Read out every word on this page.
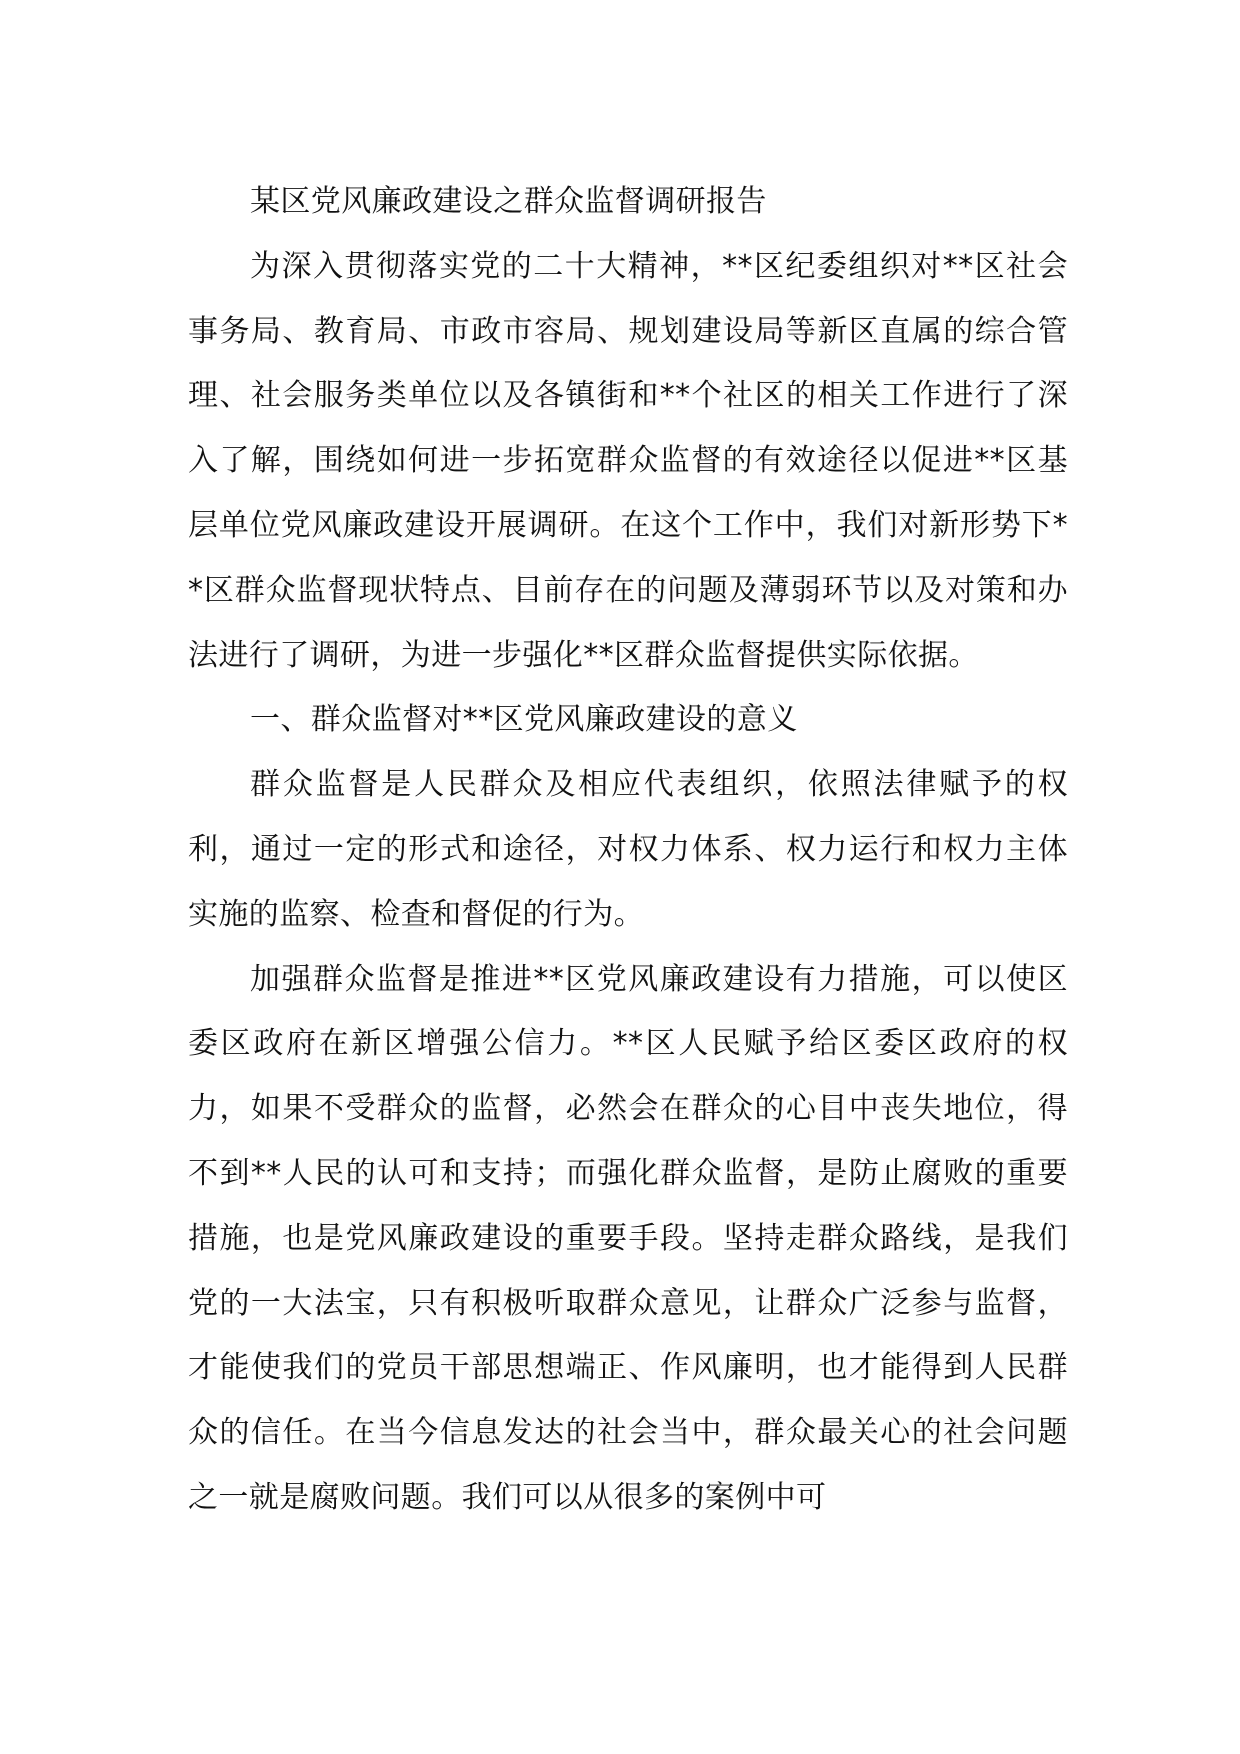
某区党风廉政建设之群众监督调研报告

为深入贯彻落实党的二十大精神，**区纪委组织对**区社会事务局、教育局、市政市容局、规划建设局等新区直属的综合管理、社会服务类单位以及各镇街和**个社区的相关工作进行了深入了解，围绕如何进一步拓宽群众监督的有效途径以促进**区基层单位党风廉政建设开展调研。在这个工作中，我们对新形势下**区群众监督现状特点、目前存在的问题及薄弱环节以及对策和办法进行了调研，为进一步强化**区群众监督提供实际依据。

一、群众监督对**区党风廉政建设的意义

群众监督是人民群众及相应代表组织，依照法律赋予的权利，通过一定的形式和途径，对权力体系、权力运行和权力主体实施的监察、检查和督促的行为。

加强群众监督是推进**区党风廉政建设有力措施，可以使区委区政府在新区增强公信力。**区人民赋予给区委区政府的权力，如果不受群众的监督，必然会在群众的心目中丧失地位，得不到**人民的认可和支持；而强化群众监督，是防止腐败的重要措施，也是党风廉政建设的重要手段。坚持走群众路线，是我们党的一大法宝，只有积极听取群众意见，让群众广泛参与监督，才能使我们的党员干部思想端正、作风廉明，也才能得到人民群众的信任。在当今信息发达的社会当中，群众最关心的社会问题之一就是腐败问题。我们可以从很多的案例中可
